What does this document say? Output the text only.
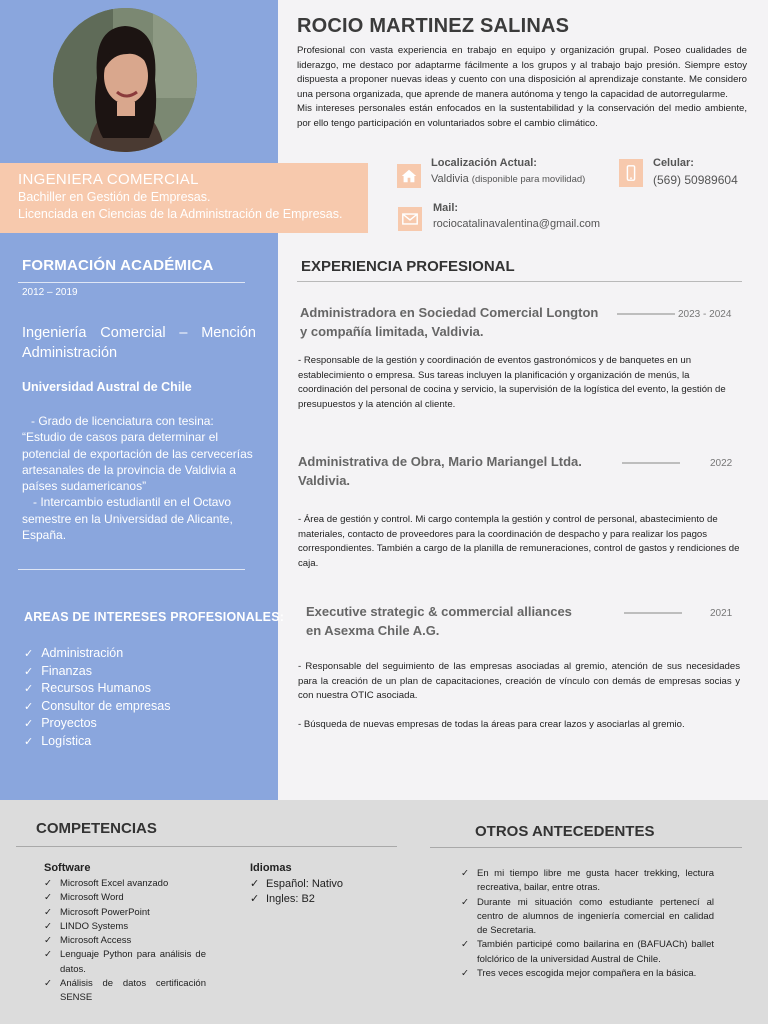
INGENIERA COMERCIAL
Bachiller en Gestión de Empresas.
Licenciada en Ciencias de la Administración de Empresas.
FORMACIÓN ACADÉMICA
2012 – 2019
Ingeniería Comercial – Mención Administración
Universidad Austral de Chile
- Grado de licenciatura con tesina: “Estudio de casos para determinar el potencial de exportación de las cervecerías artesanales de la provincia de Valdivia a países sudamericanos”
- Intercambio estudiantil en el Octavo semestre en la Universidad de Alicante, España.
AREAS DE INTERESES PROFESIONALES:
✓ Administración
✓ Finanzas
✓ Recursos Humanos
✓ Consultor de empresas
✓ Proyectos
✓ Logística
ROCIO MARTINEZ SALINAS

Profesional con vasta experiencia en trabajo en equipo y organización grupal. Poseo cualidades de liderazgo, me destaco por adaptarme fácilmente a los grupos y al trabajo bajo presión. Siempre estoy dispuesta a proponer nuevas ideas y cuento con una disposición al aprendizaje constante. Me considero una persona organizada, que aprende de manera autónoma y tengo la capacidad de autorregularme.

Mis intereses personales están enfocados en la sustentabilidad y la conservación del medio ambiente, por ello tengo participación en voluntariados sobre el cambio climático.

Localización Actual:
Valdivia (disponible para movilidad)
Celular:
(569) 50989604
Mail:
rociocatalinavalentina@gmail.com
EXPERIENCIA PROFESIONAL
Administradora en Sociedad Comercial Longton
y compañía limitada, Valdivia.
2023 - 2024
- Responsable de la gestión y coordinación de eventos gastronómicos y de banquetes en un establecimiento o empresa. Sus tareas incluyen la planificación y organización de menús, la coordinación del personal de cocina y servicio, la supervisión de la logística del evento, la gestión de presupuestos y la atención al cliente.
Administrativa de Obra, Mario Mariangel Ltda.
Valdivia.
2022
- Área de gestión y control. Mi cargo contempla la gestión y control de personal, abastecimiento de materiales, contacto de proveedores para la coordinación de despacho y para realizar los pagos correspondientes. También a cargo de la planilla de remuneraciones, control de gastos y rendiciones de caja.
Executive strategic & commercial alliances
en Asexma Chile A.G.
2021
- Responsable del seguimiento de las empresas asociadas al gremio, atención de sus necesidades para la creación de un plan de capacitaciones, creación de vínculo con demás de empresas socias y con nuestra OTIC asociada.
- Búsqueda de nuevas empresas de todas la áreas para crear lazos y asociarlas al gremio.
COMPETENCIAS
Software
✓ Microsoft Excel avanzado
✓ Microsoft Word
✓ Microsoft PowerPoint
✓ LINDO Systems
✓ Microsoft Access
✓ Lenguaje Python para análisis de datos.
✓ Análisis de datos certificación SENSE
Idiomas
✓ Español: Nativo
✓ Ingles: B2
OTROS ANTECEDENTES
✓ En mi tiempo libre me gusta hacer trekking, lectura recreativa, bailar, entre otras.
✓ Durante mi situación como estudiante pertenecí al centro de alumnos de ingeniería comercial en calidad de Secretaria.
✓ También participé como bailarina en (BAFUACh) ballet folclórico de la universidad Austral de Chile.
✓ Tres veces escogida mejor compañera en la básica.
